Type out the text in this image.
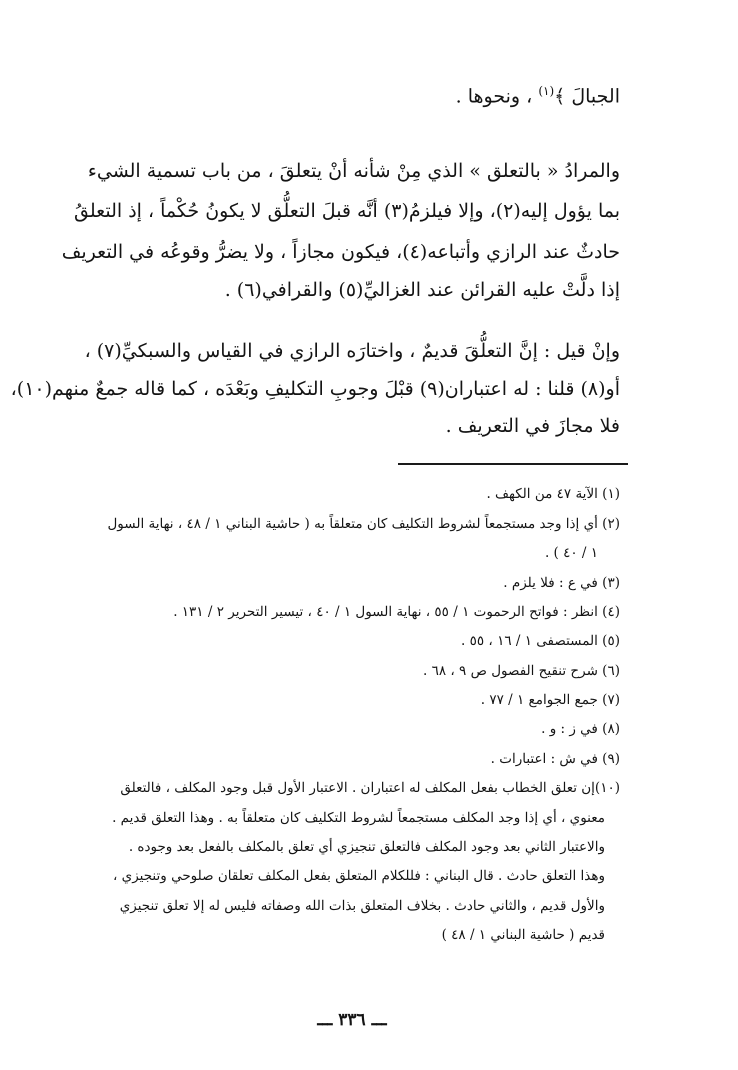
الجبالَ ﴾$^{(١)}$ ، ونحوها .
والمرادُ « بالتعلق » الذي مِنْ شأنه أنْ يتعلقَ ، من باب تسمية الشيء
بما يؤول إليه(٢)، وإلا فيلزمُ(٣) أنَّه قبلَ التعلُّق لا يكونُ حُكْماً ، إذ التعلقُ
حادثٌ عند الرازي وأتباعه(٤)، فيكون مجازاً ، ولا يضرُّ وقوعُه في التعريف
إذا دلَّتْ عليه القرائن عند الغزاليِّ(٥) والقرافي(٦) .
وإنْ قيل : إنَّ التعلُّقَ قديمٌ ، واختارَه الرازي في القياس والسبكيِّ(٧) ،
أو(٨) قلنا : له اعتباران(٩) قبْلَ وجوبِ التكليفِ وبَعْدَه ، كما قاله جمعٌ منهم(١٠)،
فلا مجازَ في التعريف .
(١) الآية ٤٧ من الكهف .
(٢) أي إذا وجد مستجمعاً لشروط التكليف كان متعلقاً به ( حاشية البناني ١ / ٤٨ ، نهاية السول
١ / ٤٠ ) .
(٣) في ع : فلا يلزم .
(٤) انظر : فواتح الرحموت ١ / ٥٥ ، نهاية السول ١ / ٤٠ ، تيسير التحرير ٢ / ١٣١ .
(٥) المستصفى ١ / ١٦ ، ٥٥ .
(٦) شرح تنقيح الفصول ص ٩ ، ٦٨ .
(٧) جمع الجوامع ١ / ٧٧ .
(٨) في ز : و .
(٩) في ش : اعتبارات .
(١٠)إن تعلق الخطاب بفعل المكلف له اعتباران . الاعتبار الأول قبل وجود المكلف ، فالتعلق
معنوي ، أي إذا وجد المكلف مستجمعاً لشروط التكليف كان متعلقاً به . وهذا التعلق قديم .
والاعتبار الثاني بعد وجود المكلف فالتعلق تنجيزي أي تعلق بالمكلف بالفعل بعد وجوده .
وهذا التعلق حادث . قال البناني : فللكلام المتعلق بفعل المكلف تعلقان صلوحي وتنجيزي ،
والأول قديم ، والثاني حادث . بخلاف المتعلق بذات الله وصفاته فليس له إلا تعلق تنجيزي
قديم ( حاشية البناني ١ / ٤٨ )
ـــ ٣٣٦ ـــ
